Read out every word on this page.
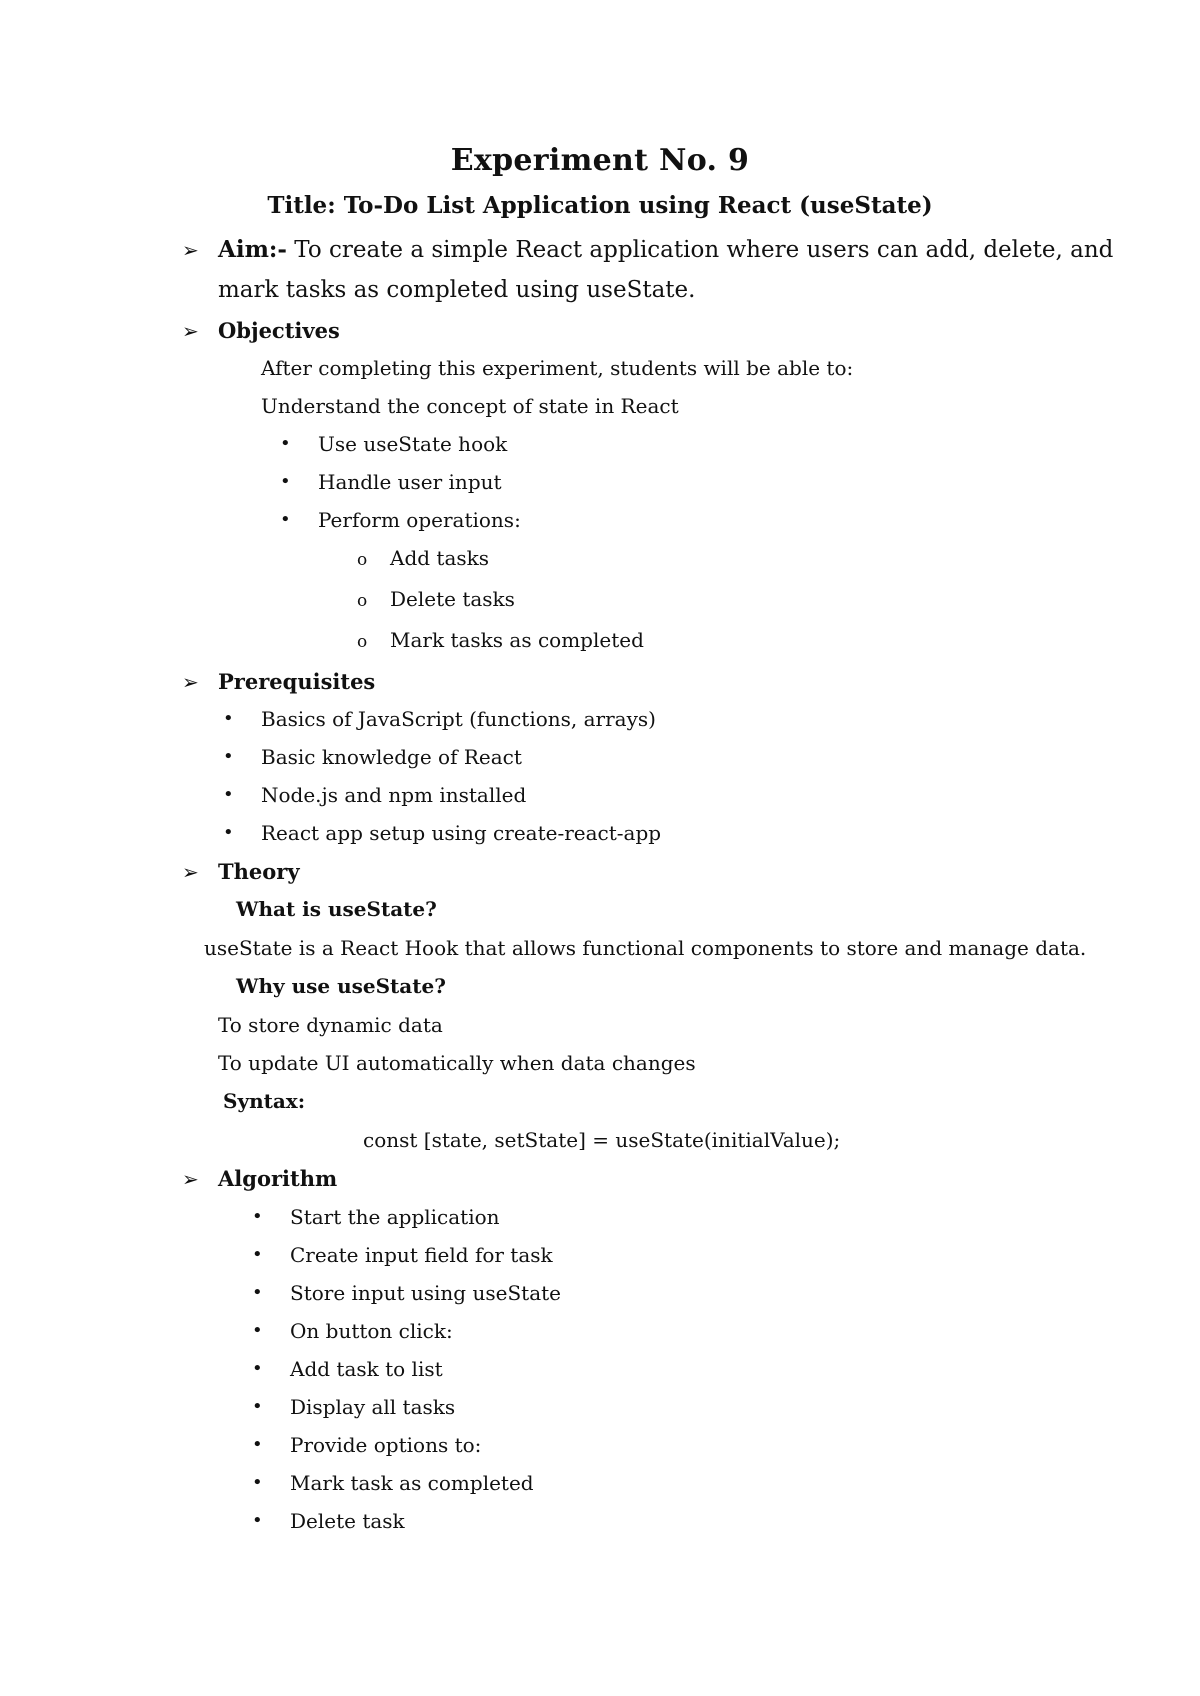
Experiment No. 9
Title: To-Do List Application using React (useState)
➢ Aim:- To create a simple React application where users can add, delete, and
mark tasks as completed using useState.
➢ Objectives
After completing this experiment, students will be able to:
Understand the concept of state in React
• Use useState hook
• Handle user input
• Perform operations:
o Add tasks
o Delete tasks
o Mark tasks as completed
➢ Prerequisites
• Basics of JavaScript (functions, arrays)
• Basic knowledge of React
• Node.js and npm installed
• React app setup using create-react-app
➢ Theory
What is useState?
useState is a React Hook that allows functional components to store and manage data.
Why use useState?
To store dynamic data
To update UI automatically when data changes
Syntax:
const [state, setState] = useState(initialValue);
➢ Algorithm
• Start the application
• Create input field for task
• Store input using useState
• On button click:
• Add task to list
• Display all tasks
• Provide options to:
• Mark task as completed
• Delete task
